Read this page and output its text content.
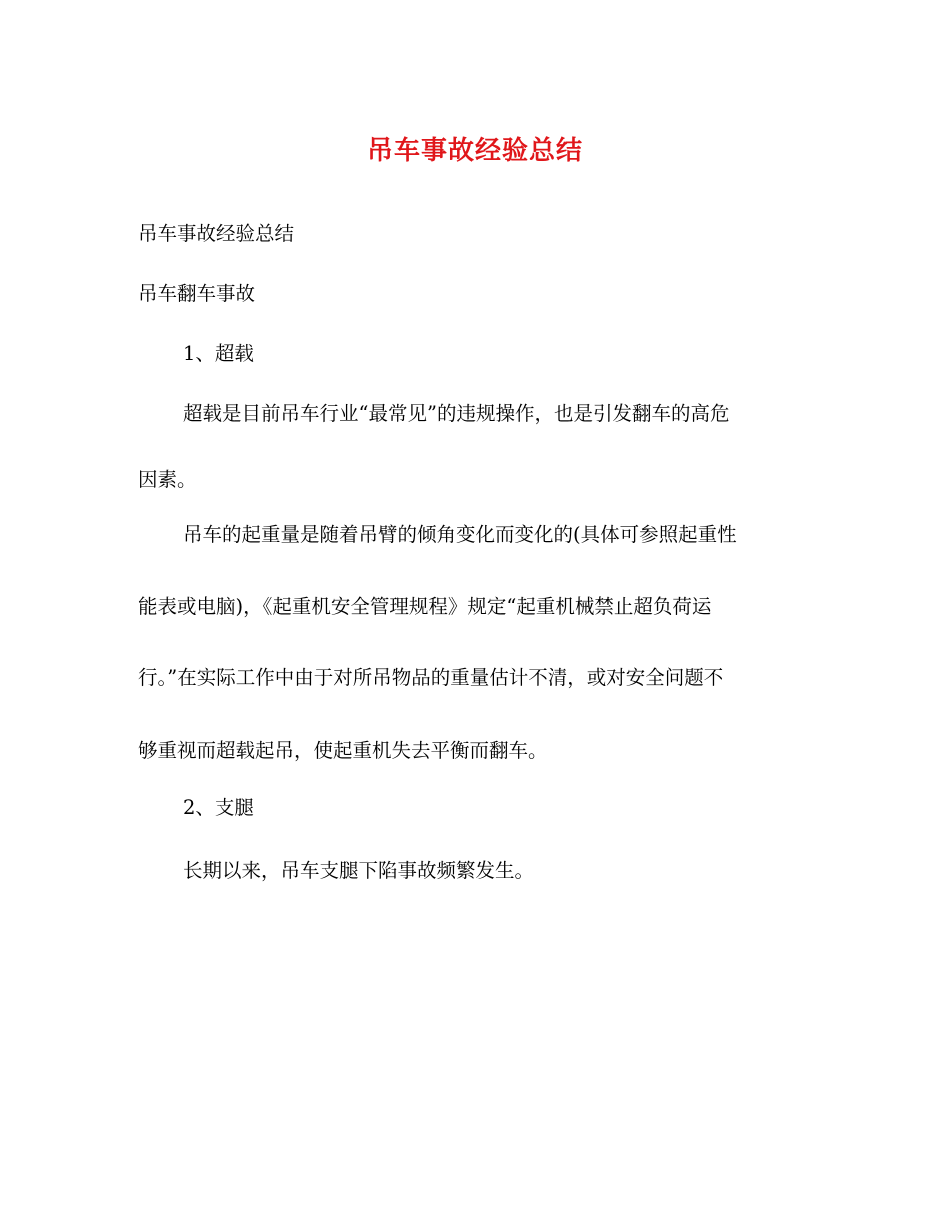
吊车事故经验总结

吊车事故经验总结

吊车翻车事故

1、超载

超载是目前吊车行业“最常见”的违规操作，也是引发翻车的高危

因素。

吊车的起重量是随着吊臂的倾角变化而变化的(具体可参照起重性

能表或电脑)，《起重机安全管理规程》规定“起重机械禁止超负荷运

行。”在实际工作中由于对所吊物品的重量估计不清，或对安全问题不

够重视而超载起吊，使起重机失去平衡而翻车。

2、支腿

长期以来，吊车支腿下陷事故频繁发生。
